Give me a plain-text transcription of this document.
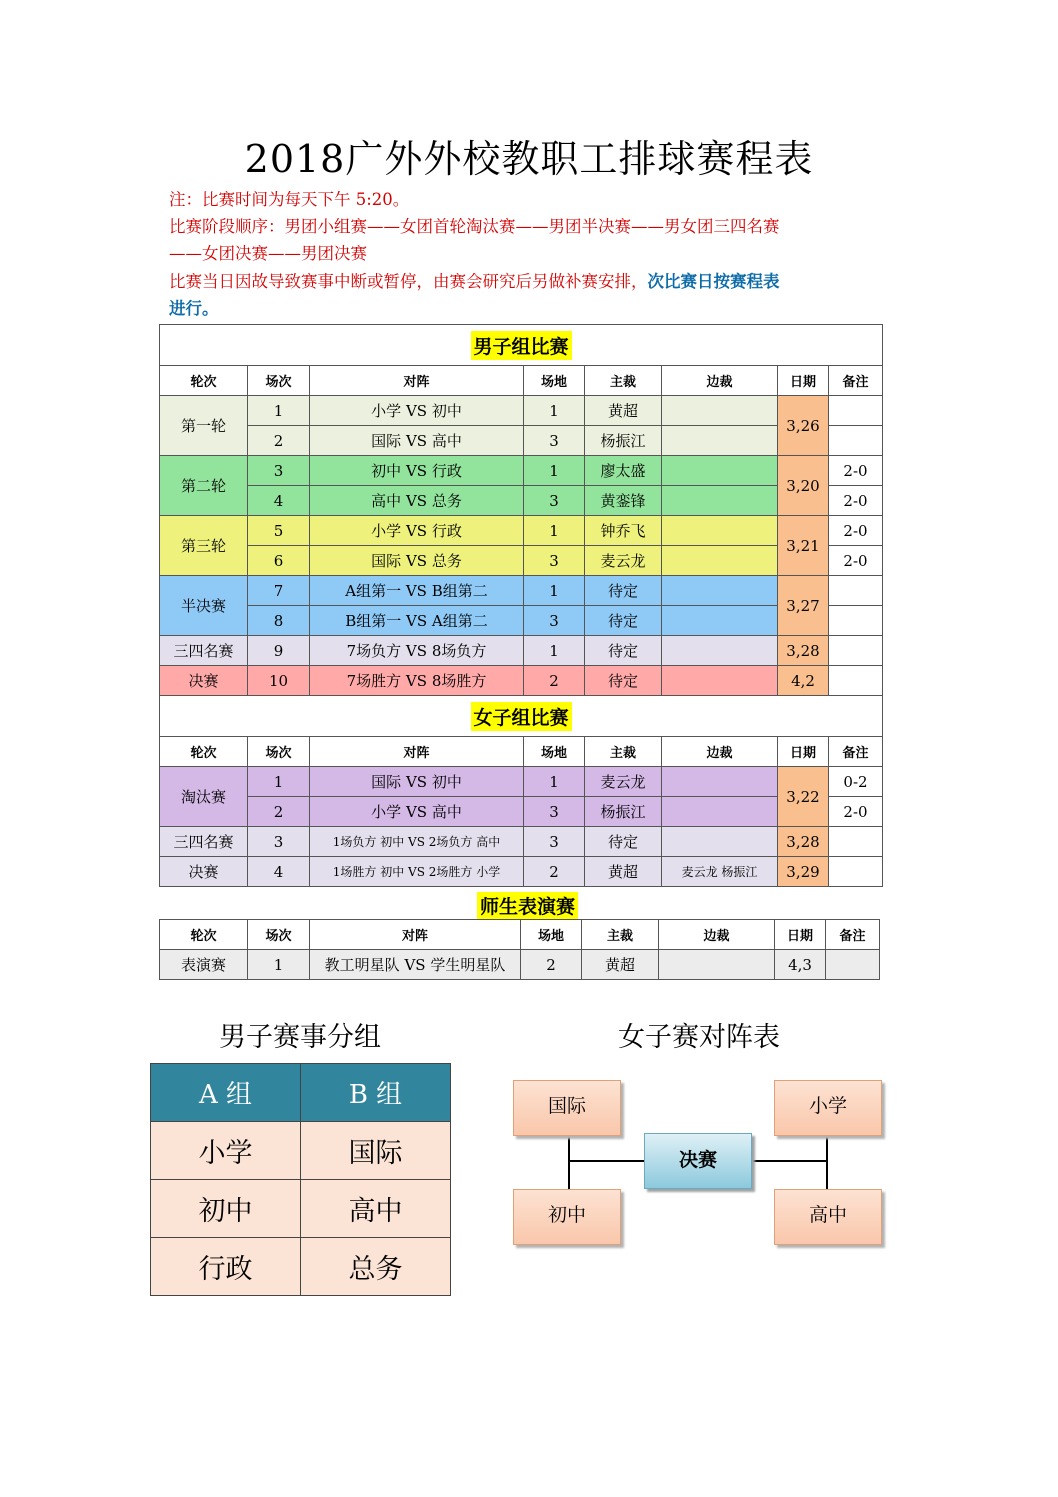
2018广外外校教职工排球赛程表
注：比赛时间为每天下午 5:20。
比赛阶段顺序：男团小组赛——女团首轮淘汰赛——男团半决赛——男女团三四名赛
——女团决赛——男团决赛
比赛当日因故导致赛事中断或暂停，由赛会研究后另做补赛安排，次比赛日按赛程表
进行。
男子组比赛							
轮次	场次	对阵	场地	主裁	边裁	日期	备注
第一轮	1	小学 VS 初中	1	黄超		3,26	
	2	国际 VS 高中	3	杨振江			
第二轮	3	初中 VS 行政	1	廖太盛		3,20	2-0
	4	高中 VS 总务	3	黄銮锋			2-0
第三轮	5	小学 VS 行政	1	钟乔飞		3,21	2-0
	6	国际 VS 总务	3	麦云龙			2-0
半决赛	7	A组第一 VS B组第二	1	待定		3,27	
	8	B组第一 VS A组第二	3	待定			
三四名赛	9	7场负方 VS 8场负方	1	待定		3,28	
决赛	10	7场胜方 VS 8场胜方	2	待定		4,2	
女子组比赛							
轮次	场次	对阵	场地	主裁	边裁	日期	备注
淘汰赛	1	国际 VS 初中	1	麦云龙		3,22	0-2
	2	小学 VS 高中	3	杨振江			2-0
三四名赛	3	1场负方 初中 VS 2场负方 高中	3	待定		3,28	
决赛	4	1场胜方 初中 VS 2场胜方 小学	2	黄超	麦云龙 杨振江	3,29	
师生表演赛
轮次	场次	对阵	场地	主裁	边裁	日期	备注
表演赛	1	教工明星队 VS 学生明星队	2	黄超		4,3	
男子赛事分组
A 组	B 组
小学	国际
初中	高中
行政	总务
女子赛对阵表
国际
初中
小学
高中
决赛
